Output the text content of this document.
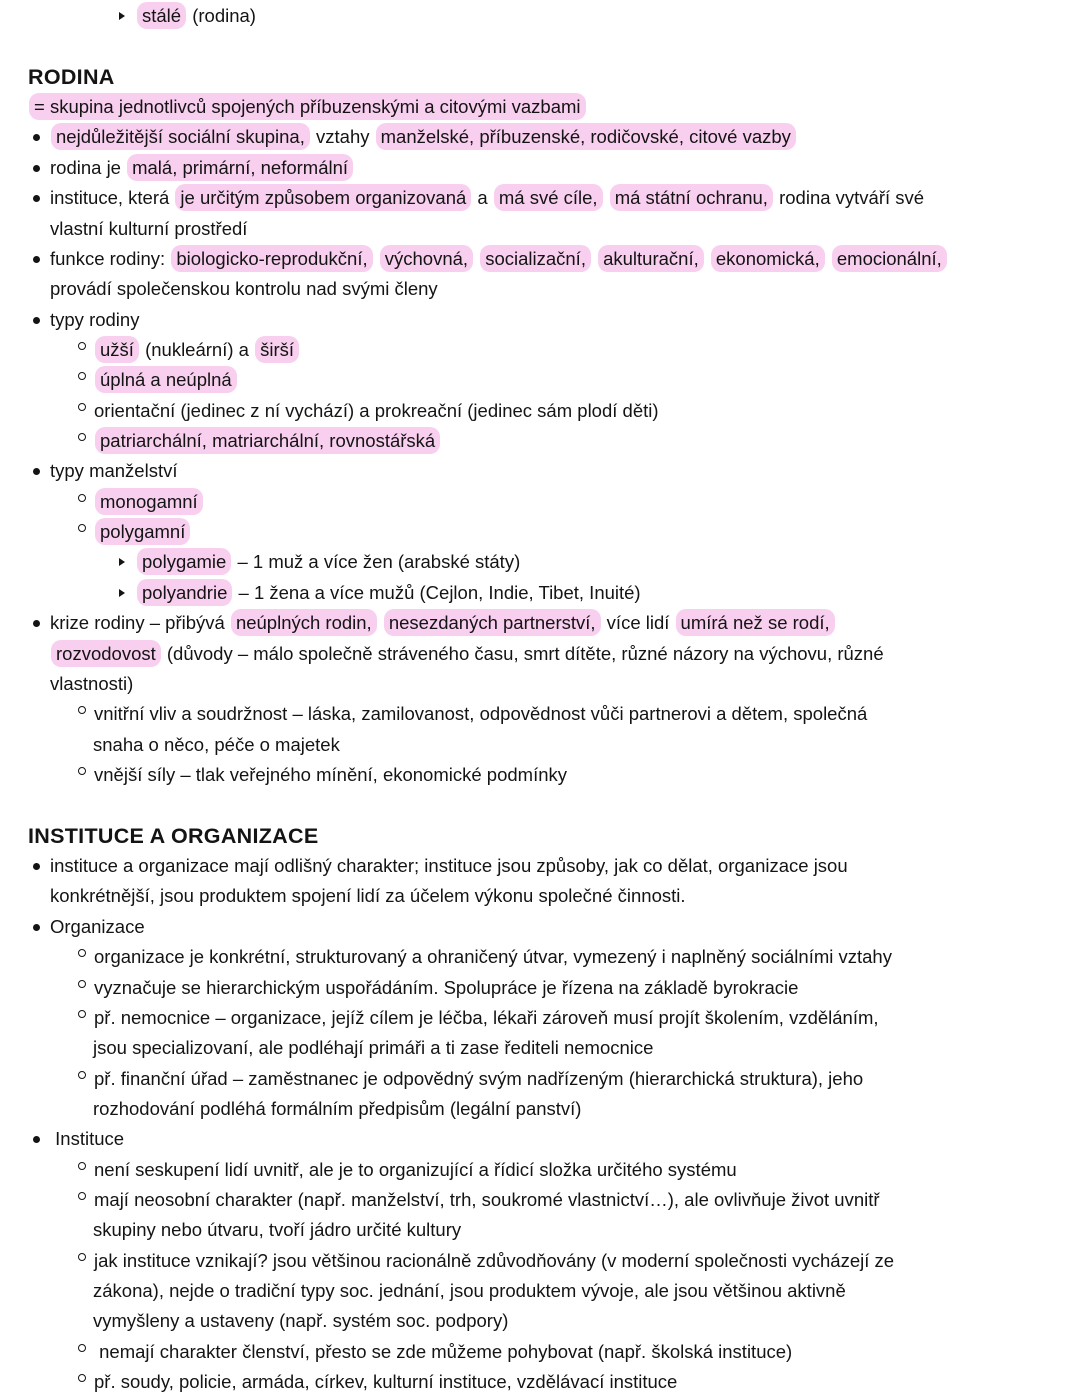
stálé (rodina)
RODINA
= skupina jednotlivců spojených příbuzenskými a citovými vazbami
nejdůležitější sociální skupina, vztahy manželské, příbuzenské, rodičovské, citové vazby
rodina je malá, primární, neformální
instituce, která je určitým způsobem organizovaná a má své cíle, má státní ochranu, rodina vytváří své
vlastní kulturní prostředí
funkce rodiny: biologicko-reprodukční, výchovná, socializační, akulturační, ekonomická, emocionální,
provádí společenskou kontrolu nad svými členy
typy rodiny
užší (nukleární) a širší
úplná a neúplná
orientační (jedinec z ní vychází) a prokreační (jedinec sám plodí děti)
patriarchální, matriarchální, rovnostářská
typy manželství
monogamní
polygamní
polygamie – 1 muž a více žen (arabské státy)
polyandrie – 1 žena a více mužů (Cejlon, Indie, Tibet, Inuité)
krize rodiny – přibývá neúplných rodin, nesezdaných partnerství, více lidí umírá než se rodí,
rozvodovost (důvody – málo společně stráveného času, smrt dítěte, různé názory na výchovu, různé
vlastnosti)
vnitřní vliv a soudržnost – láska, zamilovanost, odpovědnost vůči partnerovi a dětem, společná
snaha o něco, péče o majetek
vnější síly – tlak veřejného mínění, ekonomické podmínky
INSTITUCE A ORGANIZACE
instituce a organizace mají odlišný charakter; instituce jsou způsoby, jak co dělat, organizace jsou
konkrétnější, jsou produktem spojení lidí za účelem výkonu společné činnosti.
Organizace
organizace je konkrétní, strukturovaný a ohraničený útvar, vymezený i naplněný sociálními vztahy
vyznačuje se hierarchickým uspořádáním. Spolupráce je řízena na základě byrokracie
př. nemocnice – organizace, jejíž cílem je léčba, lékaři zároveň musí projít školením, vzděláním,
jsou specializovaní, ale podléhají primáři a ti zase řediteli nemocnice
př. finanční úřad – zaměstnanec je odpovědný svým nadřízeným (hierarchická struktura), jeho
rozhodování podléhá formálním předpisům (legální panství)
Instituce
není seskupení lidí uvnitř, ale je to organizující a řídicí složka určitého systému
mají neosobní charakter (např. manželství, trh, soukromé vlastnictví…), ale ovlivňuje život uvnitř
skupiny nebo útvaru, tvoří jádro určité kultury
jak instituce vznikají? jsou většinou racionálně zdůvodňovány (v moderní společnosti vycházejí ze
zákona), nejde o tradiční typy soc. jednání, jsou produktem vývoje, ale jsou většinou aktivně
vymyšleny a ustaveny (např. systém soc. podpory)
nemají charakter členství, přesto se zde můžeme pohybovat (např. školská instituce)
př. soudy, policie, armáda, církev, kulturní instituce, vzdělávací instituce
